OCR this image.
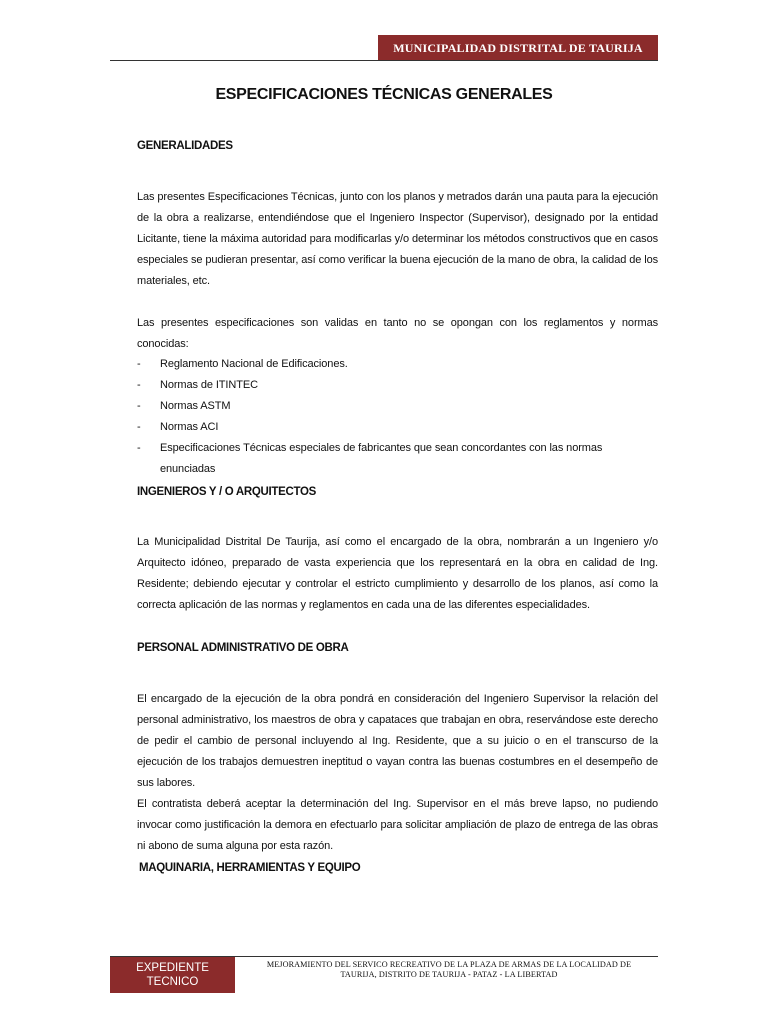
MUNICIPALIDAD DISTRITAL DE TAURIJA
ESPECIFICACIONES TÉCNICAS GENERALES
GENERALIDADES

Las presentes Especificaciones Técnicas, junto con los planos y metrados darán una pauta para la ejecución de la obra a realizarse, entendiéndose que el Ingeniero Inspector (Supervisor), designado por la entidad Licitante, tiene la máxima autoridad para modificarlas y/o determinar los métodos constructivos que en casos especiales se pudieran presentar, así como verificar la buena ejecución de la mano de obra, la calidad de los materiales, etc.

Las presentes especificaciones son validas en tanto no se opongan con los reglamentos y normas conocidas:

- Reglamento Nacional de Edificaciones.
- Normas de ITINTEC
- Normas ASTM
- Normas ACI
- Especificaciones Técnicas especiales de fabricantes que sean concordantes con las normas enunciadas
INGENIEROS Y / O ARQUITECTOS

La Municipalidad Distrital De Taurija, así como el encargado de la obra, nombrarán a un Ingeniero y/o Arquitecto idóneo, preparado de vasta experiencia que los representará en la obra en calidad de Ing. Residente; debiendo ejecutar y controlar el estricto cumplimiento y desarrollo de los planos, así como la correcta aplicación de las normas y reglamentos en cada una de las diferentes especialidades.

PERSONAL ADMINISTRATIVO DE OBRA

El encargado de la ejecución de la obra pondrá en consideración del Ingeniero Supervisor la relación del personal administrativo, los maestros de obra y capataces que trabajan en obra, reservándose este derecho de pedir el cambio de personal incluyendo al Ing. Residente, que a su juicio o en el transcurso de la ejecución de los trabajos demuestren ineptitud o vayan contra las buenas costumbres en el desempeño de sus labores.

El contratista deberá aceptar la determinación del Ing. Supervisor en el más breve lapso, no pudiendo invocar como justificación la demora en efectuarlo para solicitar ampliación de plazo de entrega de las obras ni abono de suma alguna por esta razón.

MAQUINARIA, HERRAMIENTAS Y EQUIPO
EXPEDIENTE
TECNICO
MEJORAMIENTO DEL SERVICO RECREATIVO DE LA PLAZA DE ARMAS DE LA LOCALIDAD DE
TAURIJA, DISTRITO DE TAURIJA - PATAZ - LA LIBERTAD
